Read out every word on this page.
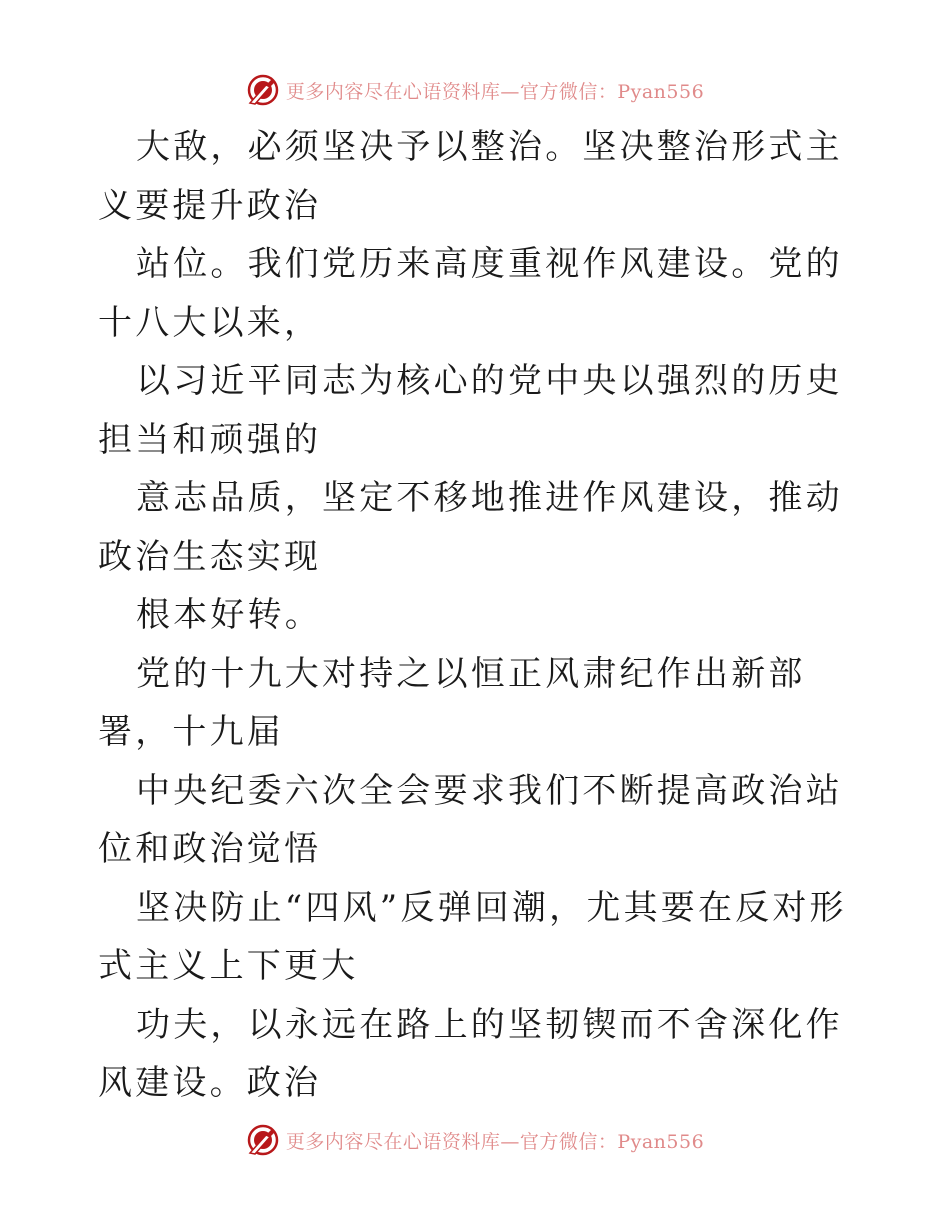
更多内容尽在心语资料库—官方微信：Pyan556

大敌，必须坚决予以整治。坚决整治形式主义要提升政治

站位。我们党历来高度重视作风建设。党的十八大以来，

以习近平同志为核心的党中央以强烈的历史担当和顽强的

意志品质，坚定不移地推进作风建设，推动政治生态实现

根本好转。

党的十九大对持之以恒正风肃纪作出新部署，十九届

中央纪委六次全会要求我们不断提高政治站位和政治觉悟

坚决防止“四风”反弹回潮，尤其要在反对形式主义上下更大

功夫，以永远在路上的坚韧锲而不舍深化作风建设。政治

更多内容尽在心语资料库—官方微信：Pyan556
